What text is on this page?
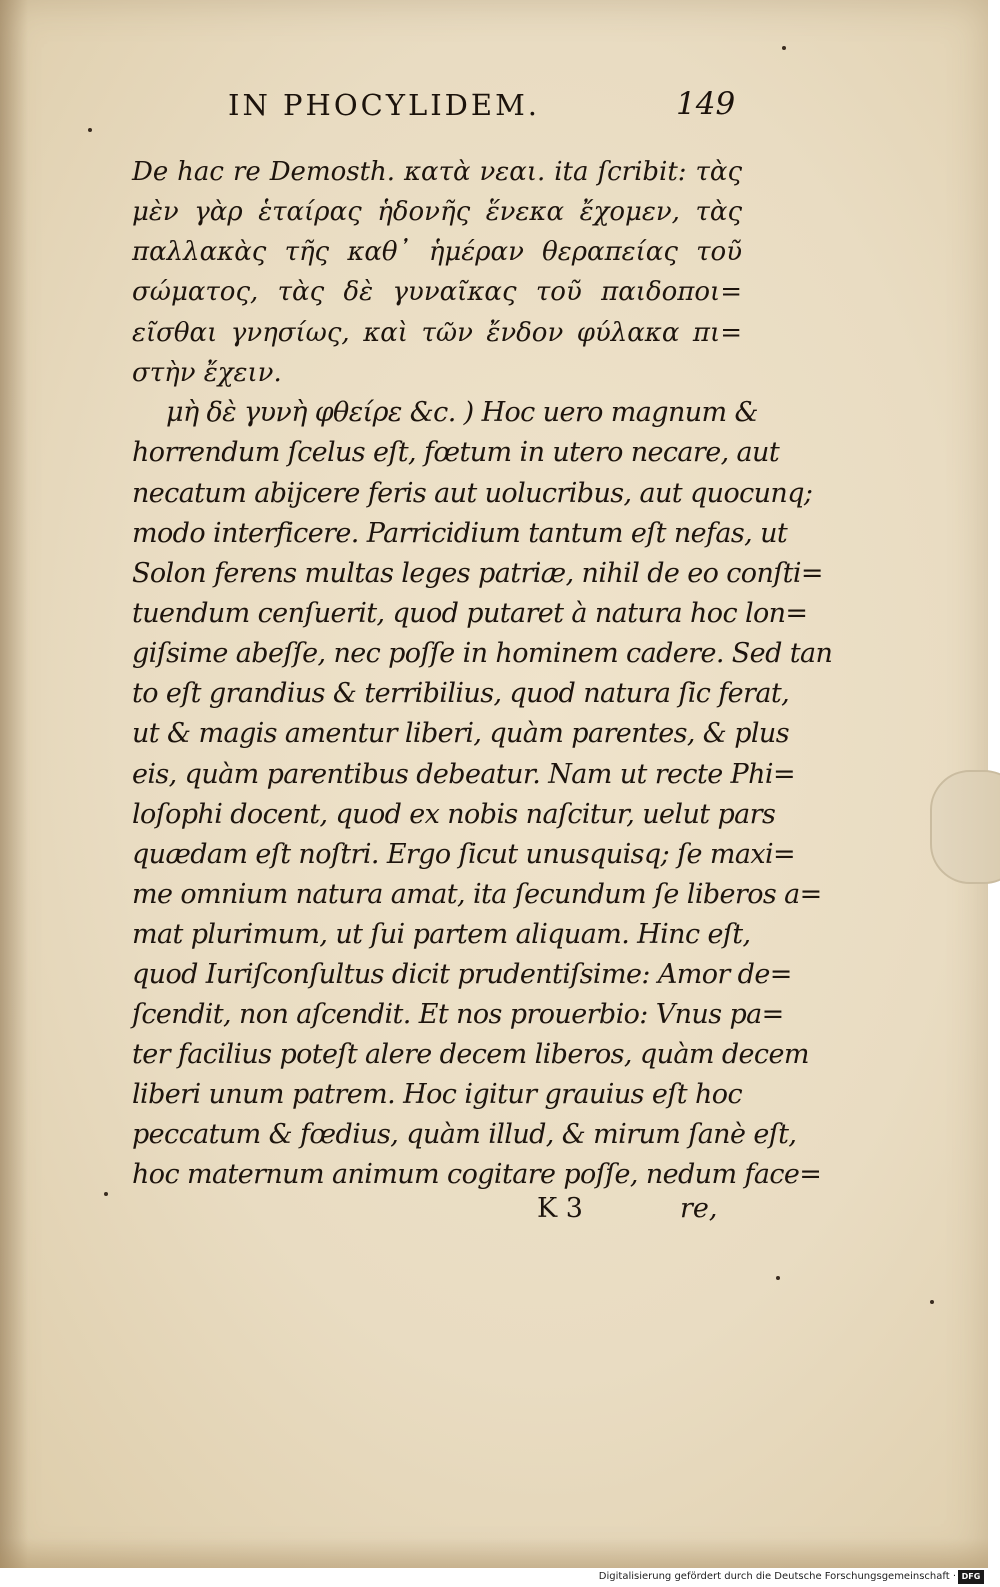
IN PHOCYLIDEM.	149
De hac re Demosth. κατὰ νεαι. ita ſcribit: τὰς
μὲν γὰρ ἑταίρας ἡδονῆς ἕνεκα ἔχομεν, τὰς
παλλακὰς τῆς καθ᾽ ἡμέραν θεραπείας τοῦ
σώματος, τὰς δὲ γυναῖκας τοῦ παιδοποι=
εῖσθαι γνησίως, καὶ τῶν ἔνδον φύλακα πι=
στὴν ἔχειν.
μὴ δὲ γυνὴ φθείρε &c. ) Hoc uero magnum &
horrendum ſcelus eſt, fœtum in utero necare, aut
necatum abijcere feris aut uolucribus, aut quocunq;
modo interficere. Parricidium tantum eſt nefas, ut
Solon ferens multas leges patriæ, nihil de eo conſti=
tuendum cenſuerit, quod putaret à natura hoc lon=
giſsime abeſſe, nec poſſe in hominem cadere. Sed tan
to eſt grandius & terribilius, quod natura ſic ferat,
ut & magis amentur liberi, quàm parentes, & plus
eis, quàm parentibus debeatur. Nam ut recte Phi=
loſophi docent, quod ex nobis naſcitur, uelut pars
quædam eſt noſtri. Ergo ſicut unusquisq; ſe maxi=
me omnium natura amat, ita ſecundum ſe liberos a=
mat plurimum, ut ſui partem aliquam. Hinc eſt,
quod Iuriſconſultus dicit prudentiſsime: Amor de=
ſcendit, non aſcendit. Et nos prouerbio: Vnus pa=
ter facilius poteſt alere decem liberos, quàm decem
liberi unum patrem. Hoc igitur grauius eſt hoc
peccatum & fœdius, quàm illud, & mirum ſanè eſt,
hoc maternum animum cogitare poſſe, nedum face=
K 3	re,
Digitalisierung gefördert durch die Deutsche Forschungsgemeinschaft · DFG
